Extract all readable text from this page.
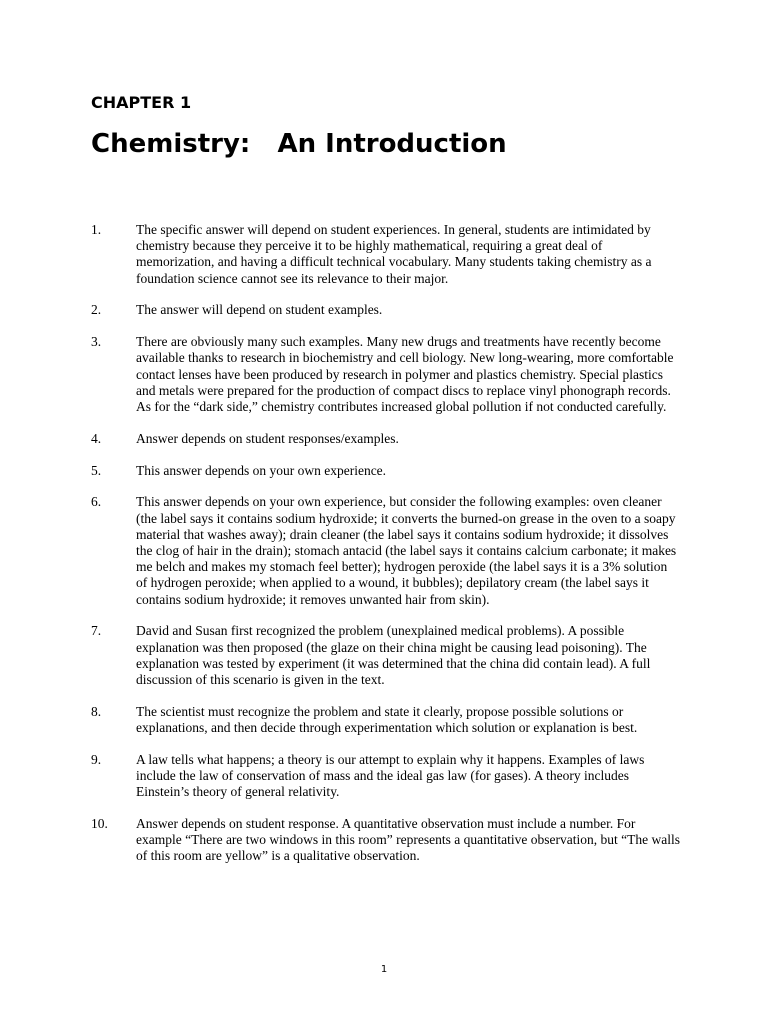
CHAPTER 1
Chemistry:   An Introduction
1.	The specific answer will depend on student experiences. In general, students are intimidated by chemistry because they perceive it to be highly mathematical, requiring a great deal of memorization, and having a difficult technical vocabulary. Many students taking chemistry as a foundation science cannot see its relevance to their major.
2.	The answer will depend on student examples.
3.	There are obviously many such examples. Many new drugs and treatments have recently become available thanks to research in biochemistry and cell biology. New long-wearing, more comfortable contact lenses have been produced by research in polymer and plastics chemistry. Special plastics and metals were prepared for the production of compact discs to replace vinyl phonograph records. As for the “dark side,” chemistry contributes increased global pollution if not conducted carefully.
4.	Answer depends on student responses/examples.
5.	This answer depends on your own experience.
6.	This answer depends on your own experience, but consider the following examples: oven cleaner (the label says it contains sodium hydroxide; it converts the burned-on grease in the oven to a soapy material that washes away); drain cleaner (the label says it contains sodium hydroxide; it dissolves the clog of hair in the drain); stomach antacid (the label says it contains calcium carbonate; it makes me belch and makes my stomach feel better); hydrogen peroxide (the label says it is a 3% solution of hydrogen peroxide; when applied to a wound, it bubbles); depilatory cream (the label says it contains sodium hydroxide; it removes unwanted hair from skin).
7.	David and Susan first recognized the problem (unexplained medical problems). A possible explanation was then proposed (the glaze on their china might be causing lead poisoning). The explanation was tested by experiment (it was determined that the china did contain lead). A full discussion of this scenario is given in the text.
8.	The scientist must recognize the problem and state it clearly, propose possible solutions or explanations, and then decide through experimentation which solution or explanation is best.
9.	A law tells what happens; a theory is our attempt to explain why it happens. Examples of laws include the law of conservation of mass and the ideal gas law (for gases). A theory includes Einstein’s theory of general relativity.
10.	Answer depends on student response. A quantitative observation must include a number. For example “There are two windows in this room” represents a quantitative observation, but “The walls of this room are yellow” is a qualitative observation.
1
